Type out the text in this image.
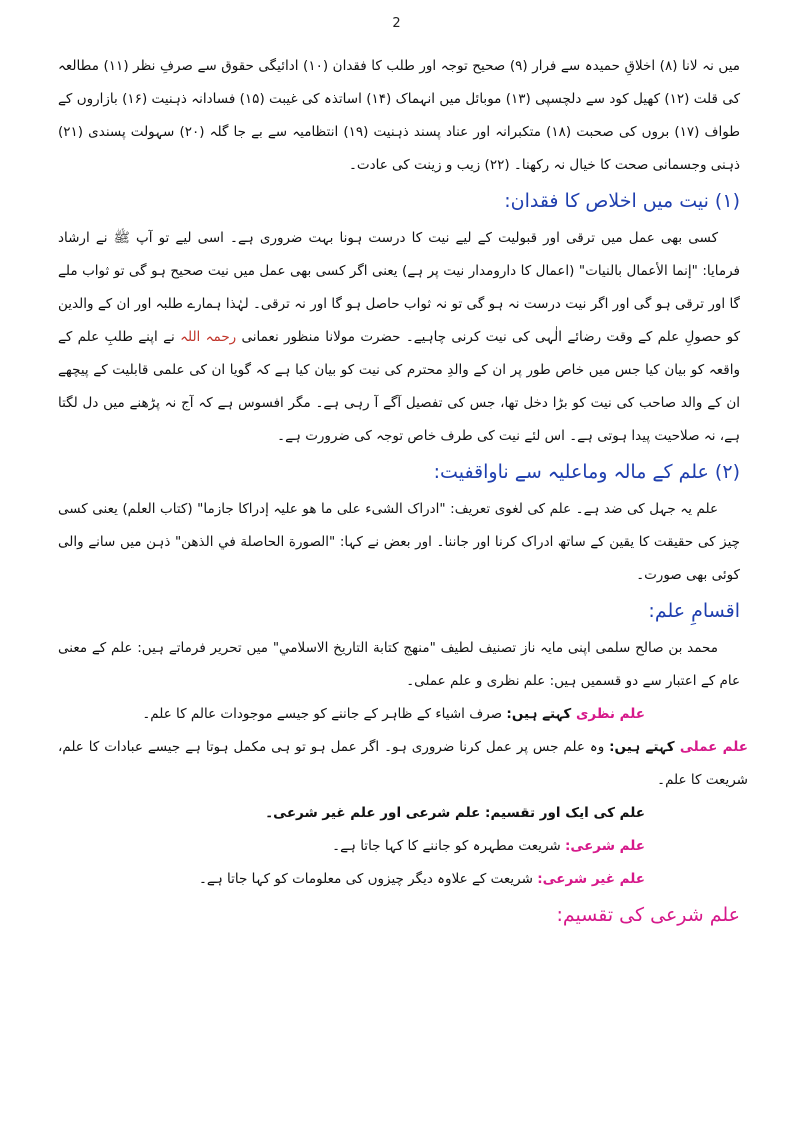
2

میں نہ لانا (۸) اخلاقِ حمیدہ سے فرار (۹) صحیح توجہ اور طلب کا فقدان (۱۰) ادائیگی حقوق سے صرفِ نظر (۱۱) مطالعہ کی قلت (۱۲) کھیل کود سے دلچسپی (۱۳) موبائل میں انہماک (۱۴) اساتذہ کی غیبت (۱۵) فسادانہ ذہنیت (۱۶) بازاروں کے طواف (۱۷) بروں کی صحبت (۱۸) متکبرانہ اور عناد پسند ذہنیت (۱۹) انتظامیہ سے بے جا گلہ (۲۰) سہولت پسندی (۲۱) ذہنی وجسمانی صحت کا خیال نہ رکھنا۔ (۲۲) زیب و زینت کی عادت۔

(۱) نیت میں اخلاص کا فقدان:

کسی بھی عمل میں ترقی اور قبولیت کے لیے نیت کا درست ہونا بہت ضروری ہے۔ اسی لیے تو آپ ﷺ نے ارشاد فرمایا: "إنما الأعمال بالنیات" (اعمال کا دارومدار نیت پر ہے) یعنی اگر کسی بھی عمل میں نیت صحیح ہو گی تو ثواب ملے گا اور ترقی ہو گی اور اگر نیت درست نہ ہو گی تو نہ ثواب حاصل ہو گا اور نہ ترقی۔ لہٰذا ہمارے طلبہ اور ان کے والدین کو حصولِ علم کے وقت رضائے الٰہی کی نیت کرنی چاہیے۔ حضرت مولانا منظور نعمانی رحمہ اللہ نے اپنے طلبِ علم کے واقعہ کو بیان کیا جس میں خاص طور پر ان کے والدِ محترم کی نیت کو بیان کیا ہے کہ گویا ان کی علمی قابلیت کے پیچھے ان کے والد صاحب کی نیت کو بڑا دخل تھا، جس کی تفصیل آگے آ رہی ہے۔ مگر افسوس ہے کہ آج نہ پڑھنے میں دل لگتا ہے، نہ صلاحیت پیدا ہوتی ہے۔ اس لئے نیت کی طرف خاص توجہ کی ضرورت ہے۔

(۲) علم کے مالہ وماعلیہ سے ناواقفیت:

علم یہ جہل کی ضد ہے۔ علم کی لغوی تعریف: "ادراک الشیء علی ما ھو علیہ إدراکا جازما" (کتاب العلم) یعنی کسی چیز کی حقیقت کا یقین کے ساتھ ادراک کرنا اور جاننا۔ اور بعض نے کہا: "الصورة الحاصلة في الذهن" ذہن میں سانے والی کوئی بھی صورت۔

اقسامِ علم:

محمد بن صالح سلمی اپنی مایہ ناز تصنیف لطیف "منهج كتابة التاريخ الاسلامي" میں تحریر فرماتے ہیں: علم کے معنی عام کے اعتبار سے دو قسمیں ہیں: علم نظری و علم عملی۔

علم نظری کہتے ہیں: صرف اشیاء کے ظاہر کے جاننے کو جیسے موجودات عالم کا علم۔
علم عملی کہتے ہیں: وہ علم جس پر عمل کرنا ضروری ہو۔ اگر عمل ہو تو ہی مکمل ہوتا ہے جیسے عبادات کا علم، شریعت کا علم۔
علم کی ایک اور تقسیم: علم شرعی اور علم غیر شرعی۔
علم شرعی: شریعت مطہرہ کو جاننے کا کہا جاتا ہے۔
علم غیر شرعی: شریعت کے علاوہ دیگر چیزوں کی معلومات کو کہا جاتا ہے۔
علم شرعی کی تقسیم:
